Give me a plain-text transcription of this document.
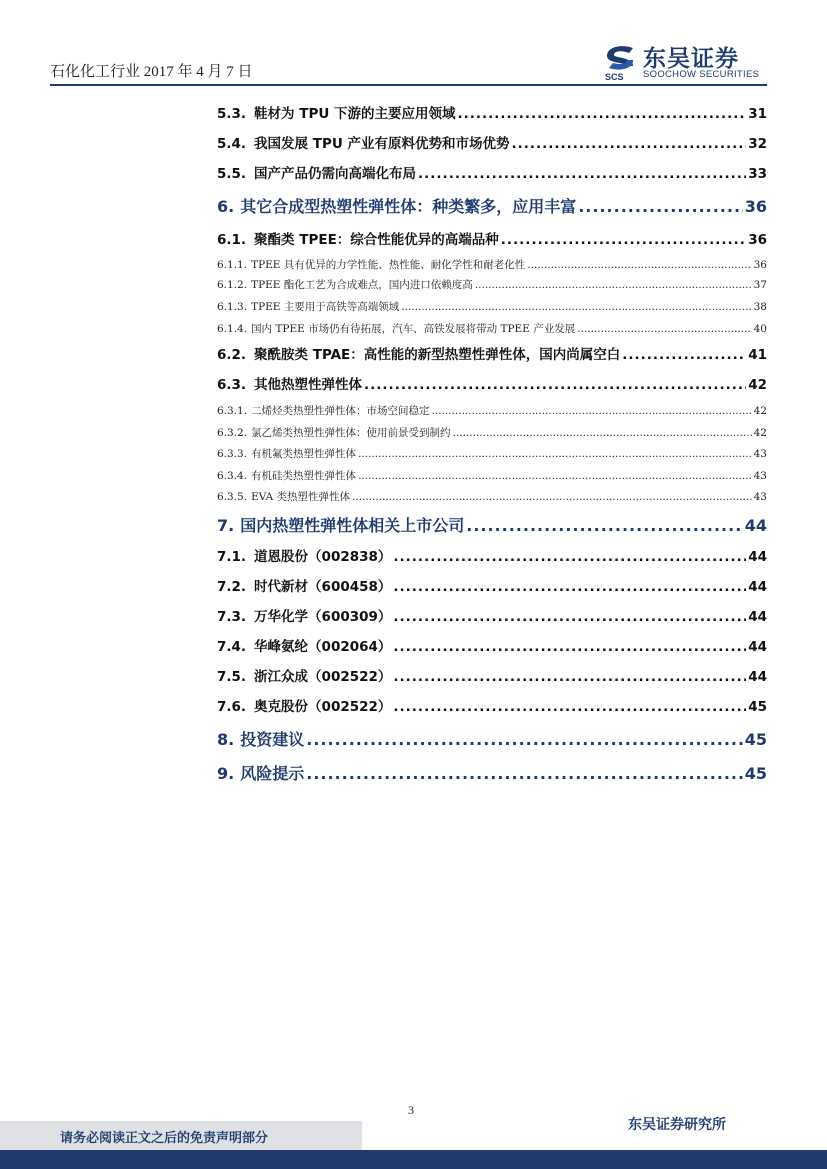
石化化工行业 2017 年 4 月 7 日	SCS
东吴证券
SOOCHOW SECURITIES
5.3. 鞋材为 TPU 下游的主要应用领域 .....	31
5.4. 我国发展 TPU 产业有原料优势和市场优势 .....	32
5.5. 国产产品仍需向高端化布局 .....	33
6. 其它合成型热塑性弹性体：种类繁多，应用丰富 .....	36
6.1. 聚酯类 TPEE：综合性能优异的高端品种 .....	36
6.1.1. TPEE 具有优异的力学性能、热性能、耐化学性和耐老化性 .....	36
6.1.2. TPEE 酯化工艺为合成难点，国内进口依赖度高 .....	37
6.1.3. TPEE 主要用于高铁等高端领域 .....	38
6.1.4. 国内 TPEE 市场仍有待拓展，汽车、高铁发展将带动 TPEE 产业发展 .....	40
6.2. 聚酰胺类 TPAE：高性能的新型热塑性弹性体，国内尚属空白 .....	41
6.3. 其他热塑性弹性体 .....	42
6.3.1. 二烯烃类热塑性弹性体：市场空间稳定 .....	42
6.3.2. 氯乙烯类热塑性弹性体：使用前景受到制约 .....	42
6.3.3. 有机氟类热塑性弹性体 .....	43
6.3.4. 有机硅类热塑性弹性体 .....	43
6.3.5. EVA 类热塑性弹性体 .....	43
7. 国内热塑性弹性体相关上市公司 .....	44
7.1. 道恩股份（002838） .....	44
7.2. 时代新材（600458） .....	44
7.3. 万华化学（600309） .....	44
7.4. 华峰氨纶（002064） .....	44
7.5. 浙江众成（002522） .....	44
7.6. 奥克股份（002522） .....	45
8. 投资建议 .....	45
9. 风险提示 .....	45
3
请务必阅读正文之后的免责声明部分
东吴证券研究所
